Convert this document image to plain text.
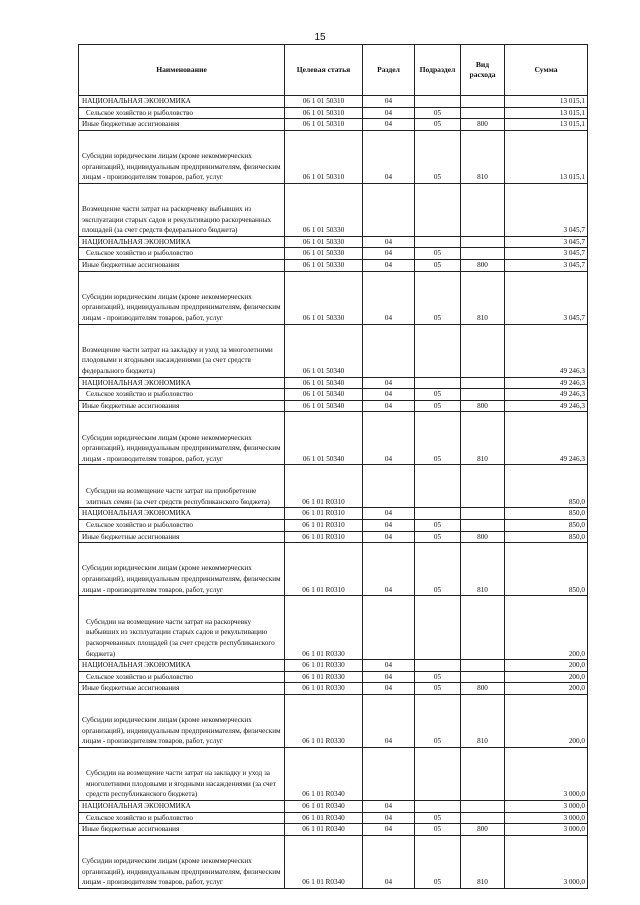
15
Наименование	Целевая статья	Раздел	Подраздел	Вид расхода	Сумма
НАЦИОНАЛЬНАЯ ЭКОНОМИКА	06 1 01 50310	04			13 015,1
Сельское хозяйство и рыболовство	06 1 01 50310	04	05		13 015,1
Иные бюджетные ассигнования	06 1 01 50310	04	05	800	13 015,1
Субсидии юридическим лицам (кроме некоммерческих организаций), индивидуальным предпринимателям, физическим лицам - производителям товаров, работ, услуг	06 1 01 50310	04	05	810	13 015,1
Возмещение части затрат на раскорчевку выбывших из эксплуатации старых садов и рекультивацию раскорчеванных площадей (за счет средств федерального бюджета)	06 1 01 50330				3 045,7
НАЦИОНАЛЬНАЯ ЭКОНОМИКА	06 1 01 50330	04			3 045,7
Сельское хозяйство и рыболовство	06 1 01 50330	04	05		3 045,7
Иные бюджетные ассигнования	06 1 01 50330	04	05	800	3 045,7
Субсидии юридическим лицам (кроме некоммерческих организаций), индивидуальным предпринимателям, физическим лицам - производителям товаров, работ, услуг	06 1 01 50330	04	05	810	3 045,7
Возмещение части затрат на закладку и уход за многолетними плодовыми и ягодными насаждениями (за счет средств федерального бюджета)	06 1 01 50340				49 246,3
НАЦИОНАЛЬНАЯ ЭКОНОМИКА	06 1 01 50340	04			49 246,3
Сельское хозяйство и рыболовство	06 1 01 50340	04	05		49 246,3
Иные бюджетные ассигнования	06 1 01 50340	04	05	800	49 246,3
Субсидии юридическим лицам (кроме некоммерческих организаций), индивидуальным предпринимателям, физическим лицам - производителям товаров, работ, услуг	06 1 01 50340	04	05	810	49 246,3
Субсидии на возмещение части затрат на приобретение элитных семян (за счет средств республиканского бюджета)	06 1 01 R0310				850,0
НАЦИОНАЛЬНАЯ ЭКОНОМИКА	06 1 01 R0310	04			850,0
Сельское хозяйство и рыболовство	06 1 01 R0310	04	05		850,0
Иные бюджетные ассигнования	06 1 01 R0310	04	05	800	850,0
Субсидии юридическим лицам (кроме некоммерческих организаций), индивидуальным предпринимателям, физическим лицам - производителям товаров, работ, услуг	06 1 01 R0310	04	05	810	850,0
Субсидии на возмещение части затрат на раскорчевку выбывших из эксплуатации старых садов и рекультивацию раскорчеванных площадей (за счет средств республиканского бюджета)	06 1 01 R0330				200,0
НАЦИОНАЛЬНАЯ ЭКОНОМИКА	06 1 01 R0330	04			200,0
Сельское хозяйство и рыболовство	06 1 01 R0330	04	05		200,0
Иные бюджетные ассигнования	06 1 01 R0330	04	05	800	200,0
Субсидии юридическим лицам (кроме некоммерческих организаций), индивидуальным предпринимателям, физическим лицам - производителям товаров, работ, услуг	06 1 01 R0330	04	05	810	200,0
Субсидии на возмещение части затрат на закладку и уход за многолетними плодовыми и ягодными насаждениями (за счет средств республиканского бюджета)	06 1 01 R0340				3 000,0
НАЦИОНАЛЬНАЯ ЭКОНОМИКА	06 1 01 R0340	04			3 000,0
Сельское хозяйство и рыболовство	06 1 01 R0340	04	05		3 000,0
Иные бюджетные ассигнования	06 1 01 R0340	04	05	800	3 000,0
Субсидии юридическим лицам (кроме некоммерческих организаций), индивидуальным предпринимателям, физическим лицам - производителям товаров, работ, услуг	06 1 01 R0340	04	05	810	3 000,0
